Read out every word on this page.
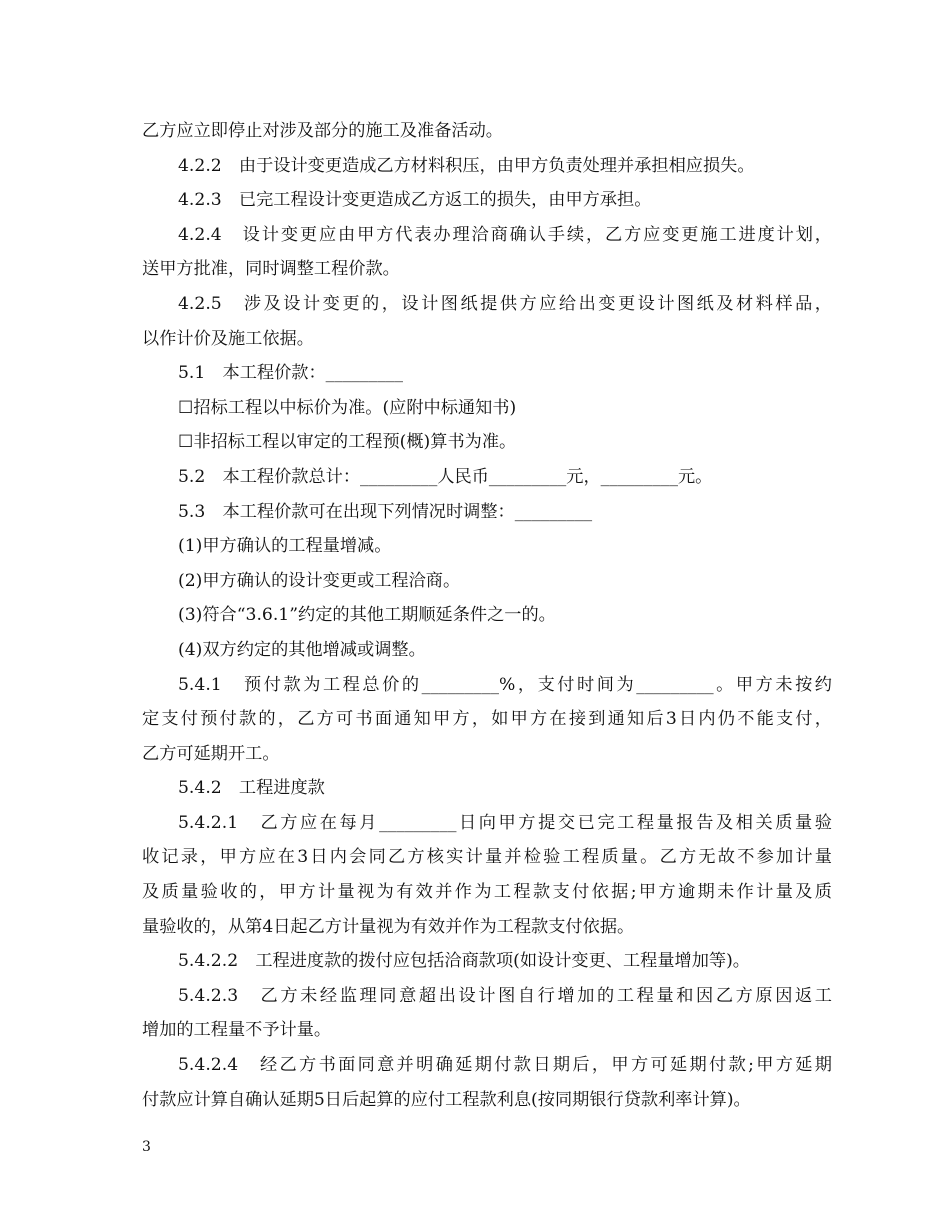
乙方应立即停止对涉及部分的施工及准备活动。
4.2.2　由于设计变更造成乙方材料积压，由甲方负责处理并承担相应损失。
4.2.3　已完工程设计变更造成乙方返工的损失，由甲方承担。
4.2.4　设计变更应由甲方代表办理洽商确认手续，乙方应变更施工进度计划，
送甲方批准，同时调整工程价款。
4.2.5　涉及设计变更的，设计图纸提供方应给出变更设计图纸及材料样品，
以作计价及施工依据。
5.1　本工程价款：_________
☐招标工程以中标价为准。(应附中标通知书)
☐非招标工程以审定的工程预(概)算书为准。
5.2　本工程价款总计：_________人民币_________元，_________元。
5.3　本工程价款可在出现下列情况时调整：_________
(1)甲方确认的工程量增减。
(2)甲方确认的设计变更或工程洽商。
(3)符合“3.6.1”约定的其他工期顺延条件之一的。
(4)双方约定的其他增减或调整。
5.4.1　预付款为工程总价的_________%，支付时间为_________。甲方未按约
定支付预付款的，乙方可书面通知甲方，如甲方在接到通知后3日内仍不能支付，
乙方可延期开工。
5.4.2　工程进度款
5.4.2.1　乙方应在每月_________日向甲方提交已完工程量报告及相关质量验
收记录，甲方应在3日内会同乙方核实计量并检验工程质量。乙方无故不参加计量
及质量验收的，甲方计量视为有效并作为工程款支付依据;甲方逾期未作计量及质
量验收的，从第4日起乙方计量视为有效并作为工程款支付依据。
5.4.2.2　工程进度款的拨付应包括洽商款项(如设计变更、工程量增加等)。
5.4.2.3　乙方未经监理同意超出设计图自行增加的工程量和因乙方原因返工
增加的工程量不予计量。
5.4.2.4　经乙方书面同意并明确延期付款日期后，甲方可延期付款;甲方延期
付款应计算自确认延期5日后起算的应付工程款利息(按同期银行贷款利率计算)。
3
